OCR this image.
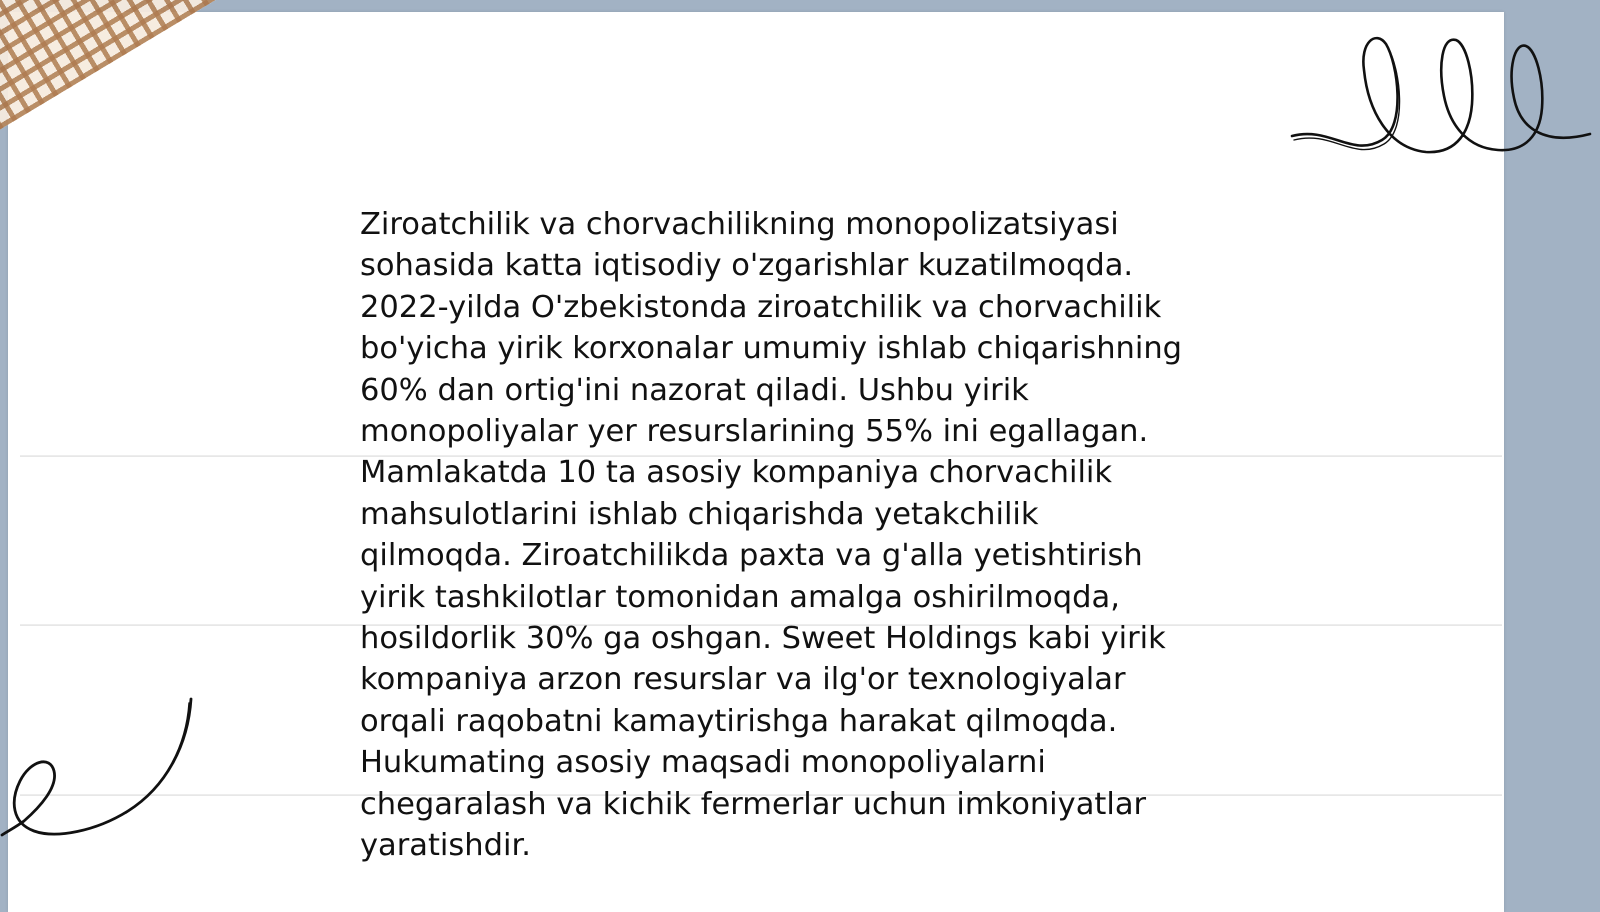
Ziroatchilik va chorvachilikning monopolizatsiyasi
sohasida katta iqtisodiy o'zgarishlar kuzatilmoqda.
2022-yilda O'zbekistonda ziroatchilik va chorvachilik
bo'yicha yirik korxonalar umumiy ishlab chiqarishning
60% dan ortig'ini nazorat qiladi. Ushbu yirik
monopoliyalar yer resurslarining 55% ini egallagan.
Mamlakatda 10 ta asosiy kompaniya chorvachilik
mahsulotlarini ishlab chiqarishda yetakchilik
qilmoqda. Ziroatchilikda paxta va g'alla yetishtirish
yirik tashkilotlar tomonidan amalga oshirilmoqda,
hosildorlik 30% ga oshgan. Sweet Holdings kabi yirik
kompaniya arzon resurslar va ilg'or texnologiyalar
orqali raqobatni kamaytirishga harakat qilmoqda.
Hukumating asosiy maqsadi monopoliyalarni
chegaralash va kichik fermerlar uchun imkoniyatlar
yaratishdir.
